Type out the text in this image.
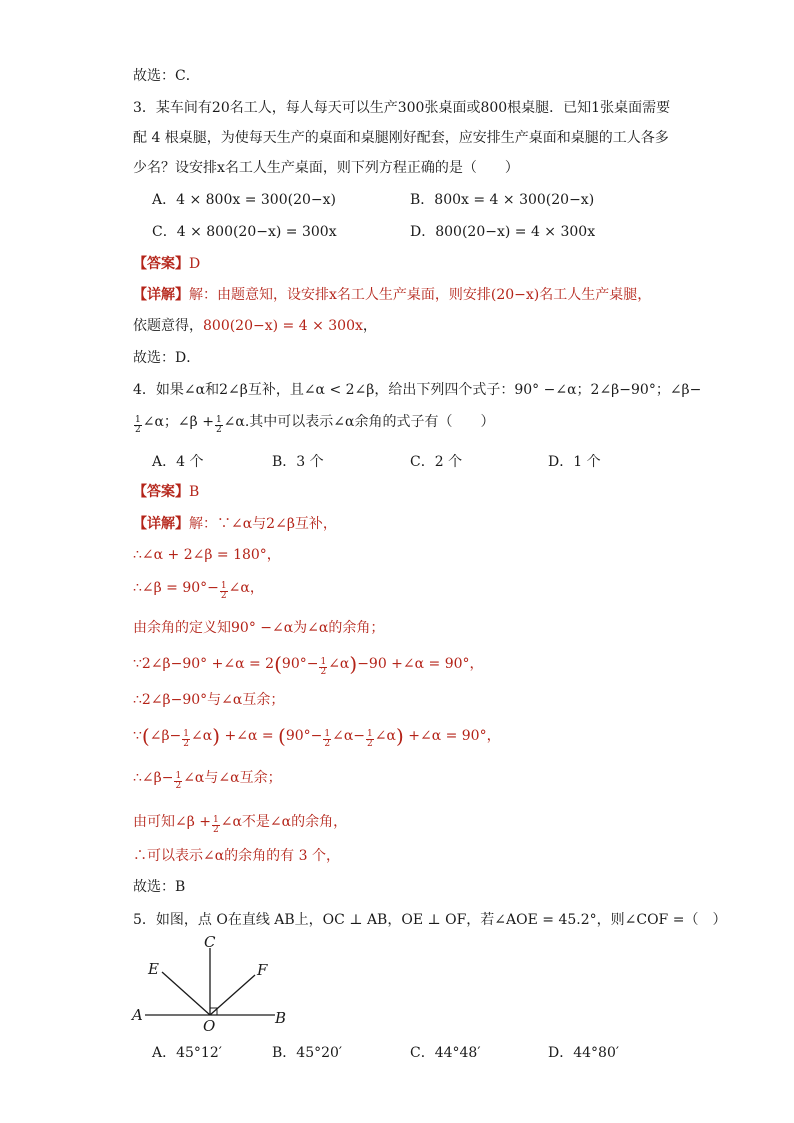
故选：C．
3．某车间有20名工人，每人每天可以生产300张桌面或800根桌腿．已知1张桌面需要
配 4 根桌腿，为使每天生产的桌面和桌腿刚好配套，应安排生产桌面和桌腿的工人各多
少名？设安排x名工人生产桌面，则下列方程正确的是（　　）
A．4 × 800x = 300(20−x)	B．800x = 4 × 300(20−x)
C．4 × 800(20−x) = 300x	D．800(20−x) = 4 × 300x
【答案】D
【详解】解：由题意知，设安排x名工人生产桌面，则安排(20−x)名工人生产桌腿，
依题意得，800(20−x) = 4 × 300x，
故选：D．
4．如果∠α和2∠β互补，且∠α < 2∠β，给出下列四个式子：90° −∠α；2∠β−90°；∠β−
$\frac{1}{2}$ ∠α；∠β + $\frac{1}{2}$ ∠α.其中可以表示∠α余角的式子有（　　）
A．4 个	B．3 个	C．2 个	D．1 个
【答案】B
【详解】解：∵∠α与2∠β互补，
∴∠α + 2∠β = 180°，
∴∠β = $90^\circ- \frac{1}{2}$ ∠α，
由余角的定义知90° −∠α为∠α的余角；
∵2∠β−90° +∠α = $2(90^\circ- \frac{1}{2}$ ∠α)−90 +∠α = 90°，
∴2∠β−90°与∠α互余；
∵(∠β− $\frac{1}{2}$ ∠α) +∠α = ($90^\circ- \frac{1}{2}$ ∠α− $\frac{1}{2}$ ∠α) +∠α = 90°，
∴∠β− $\frac{1}{2}$ ∠α与∠α互余；
由可知∠β + $\frac{1}{2}$ ∠α不是∠α的余角，
∴可以表示∠α的余角的有 3 个，
故选：B
5．如图，点 O在直线 AB上，OC ⊥ AB，OE ⊥ OF，若∠AOE = 45.2°，则∠COF =（　）
C
E	F
A	B
O
A．45°12′	B．45°20′	C．44°48′	D．44°80′
